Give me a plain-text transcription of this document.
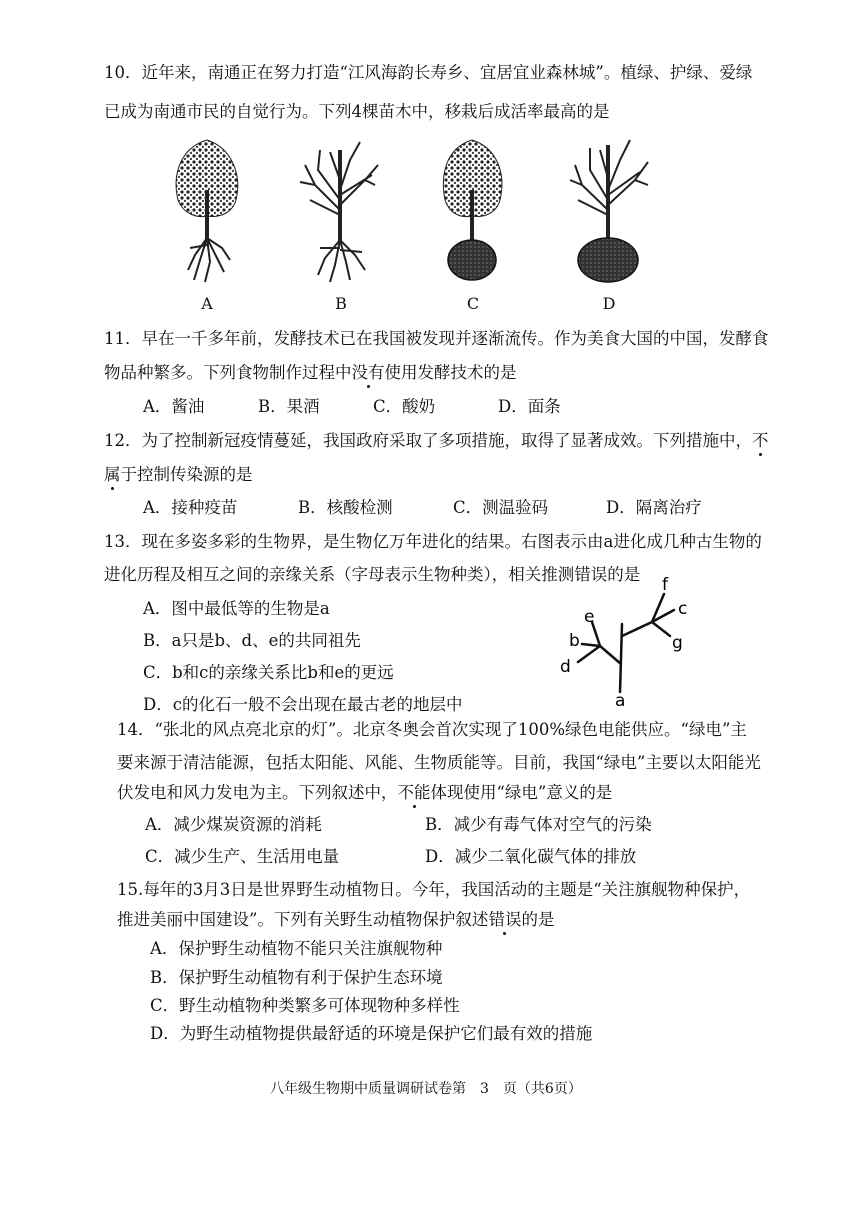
10．近年来，南通正在努力打造“江风海韵长寿乡、宜居宜业森林城”。植绿、护绿、爱绿
已成为南通市民的自觉行为。下列4棵苗木中，移栽后成活率最高的是
A	B	C	D
11．早在一千多年前，发酵技术已在我国被发现并逐渐流传。作为美食大国的中国，发酵食
物品种繁多。下列食物制作过程中没有使用发酵技术的是
A．酱油	B．果酒	C．酸奶	D．面条
12．为了控制新冠疫情蔓延，我国政府采取了多项措施，取得了显著成效。下列措施中，不
属于控制传染源的是
A．接种疫苗	B．核酸检测	C．测温验码	D．隔离治疗
13．现在多姿多彩的生物界，是生物亿万年进化的结果。右图表示由a进化成几种古生物的
进化历程及相互之间的亲缘关系（字母表示生物种类），相关推测错误的是
A．图中最低等的生物是a
B．a只是b、d、e的共同祖先
C．b和c的亲缘关系比b和e的更远
D．c的化石一般不会出现在最古老的地层中	a
b
c
d
e
f
g
14．“张北的风点亮北京的灯”。北京冬奥会首次实现了100%绿色电能供应。“绿电”主
要来源于清洁能源，包括太阳能、风能、生物质能等。目前，我国“绿电”主要以太阳能光
伏发电和风力发电为主。下列叙述中，不能体现使用“绿电”意义的是
A．减少煤炭资源的消耗	B．减少有毒气体对空气的污染
C．减少生产、生活用电量	D．减少二氧化碳气体的排放
15.每年的3月3日是世界野生动植物日。今年，我国活动的主题是“关注旗舰物种保护，
推进美丽中国建设”。下列有关野生动植物保护叙述错误的是
A．保护野生动植物不能只关注旗舰物种
B．保护野生动植物有利于保护生态环境
C．野生动植物种类繁多可体现物种多样性
D．为野生动植物提供最舒适的环境是保护它们最有效的措施
八年级生物期中质量调研试卷第　3　页（共6页）
